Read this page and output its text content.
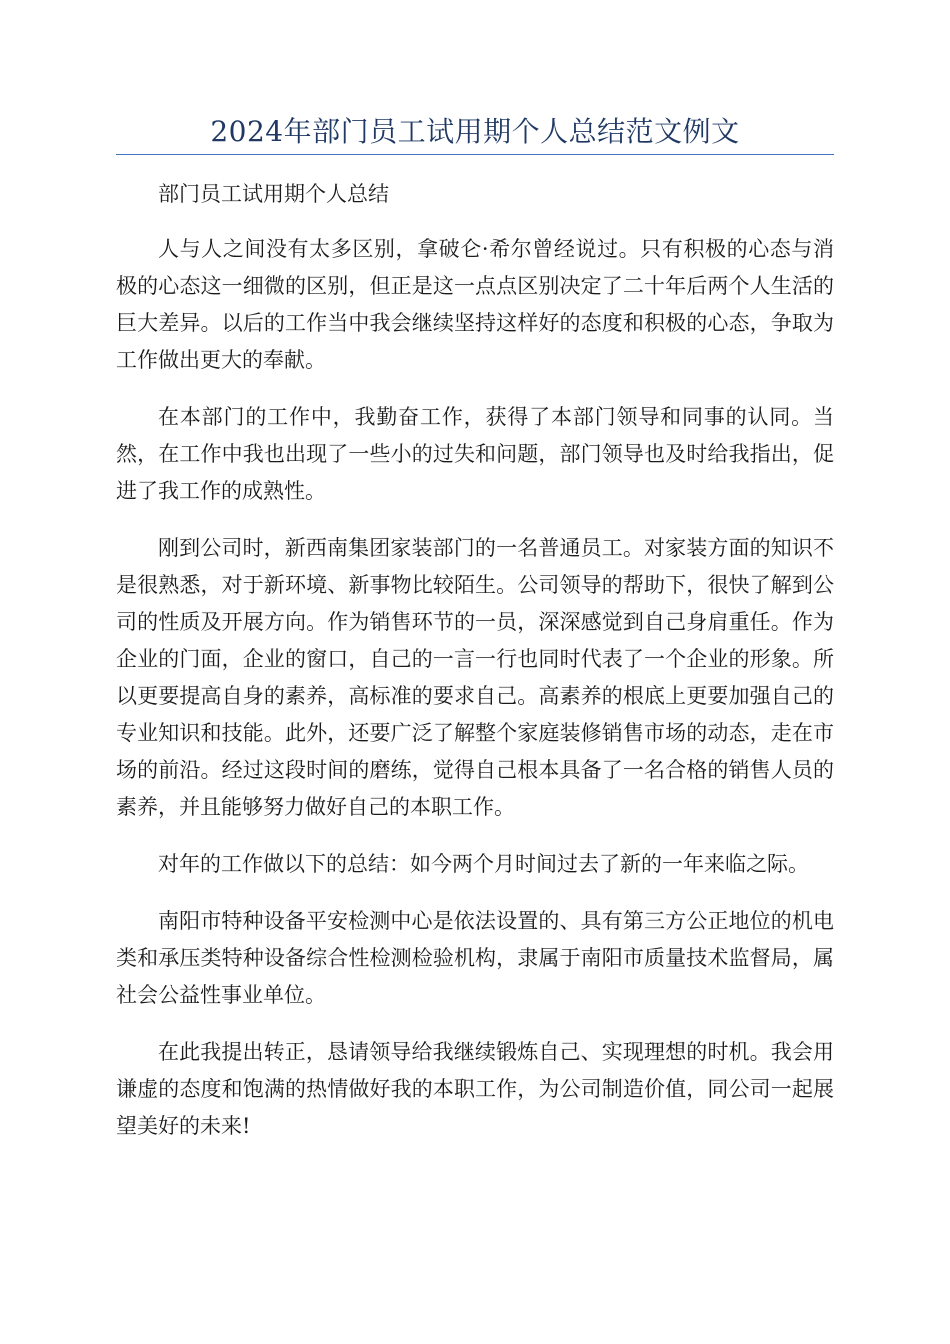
2024年部门员工试用期个人总结范文例文

部门员工试用期个人总结

人与人之间没有太多区别，拿破仑·希尔曾经说过。只有积极的心态与消极的心态这一细微的区别，但正是这一点点区别决定了二十年后两个人生活的巨大差异。以后的工作当中我会继续坚持这样好的态度和积极的心态，争取为工作做出更大的奉献。

在本部门的工作中，我勤奋工作，获得了本部门领导和同事的认同。当然，在工作中我也出现了一些小的过失和问题，部门领导也及时给我指出，促进了我工作的成熟性。

刚到公司时，新西南集团家装部门的一名普通员工。对家装方面的知识不是很熟悉，对于新环境、新事物比较陌生。公司领导的帮助下，很快了解到公司的性质及开展方向。作为销售环节的一员，深深感觉到自己身肩重任。作为企业的门面，企业的窗口，自己的一言一行也同时代表了一个企业的形象。所以更要提高自身的素养，高标准的要求自己。高素养的根底上更要加强自己的专业知识和技能。此外，还要广泛了解整个家庭装修销售市场的动态，走在市场的前沿。经过这段时间的磨练，觉得自己根本具备了一名合格的销售人员的素养，并且能够努力做好自己的本职工作。

对年的工作做以下的总结：如今两个月时间过去了新的一年来临之际。

南阳市特种设备平安检测中心是依法设置的、具有第三方公正地位的机电类和承压类特种设备综合性检测检验机构，隶属于南阳市质量技术监督局，属社会公益性事业单位。

在此我提出转正，恳请领导给我继续锻炼自己、实现理想的时机。我会用谦虚的态度和饱满的热情做好我的本职工作，为公司制造价值，同公司一起展望美好的未来!
